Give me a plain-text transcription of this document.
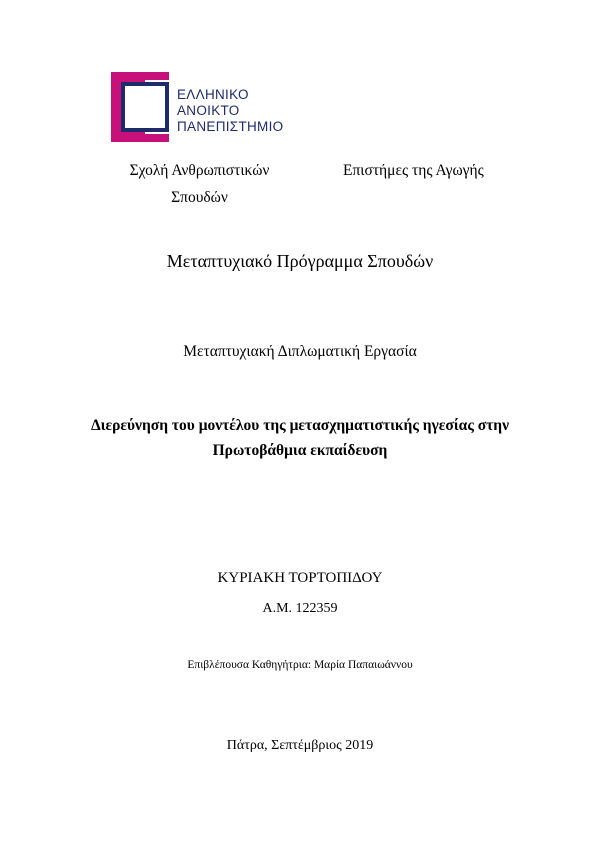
ΕΛΛΗΝΙΚΟ
ΑΝΟΙΚΤΟ
ΠΑΝΕΠΙΣΤΗΜΙΟ
Σχολή Ανθρωπιστικών Σπουδών
Επιστήμες της Αγωγής
Μεταπτυχιακό Πρόγραμμα Σπουδών
Μεταπτυχιακή Διπλωματική Εργασία
Διερεύνηση του μοντέλου της μετασχηματιστικής ηγεσίας στην Πρωτοβάθμια εκπαίδευση
ΚΥΡΙΑΚΗ ΤΟΡΤΟΠΙΔΟΥ
Α.Μ. 122359
Επιβλέπουσα Καθηγήτρια: Μαρία Παπαιωάννου
Πάτρα, Σεπτέμβριος 2019
